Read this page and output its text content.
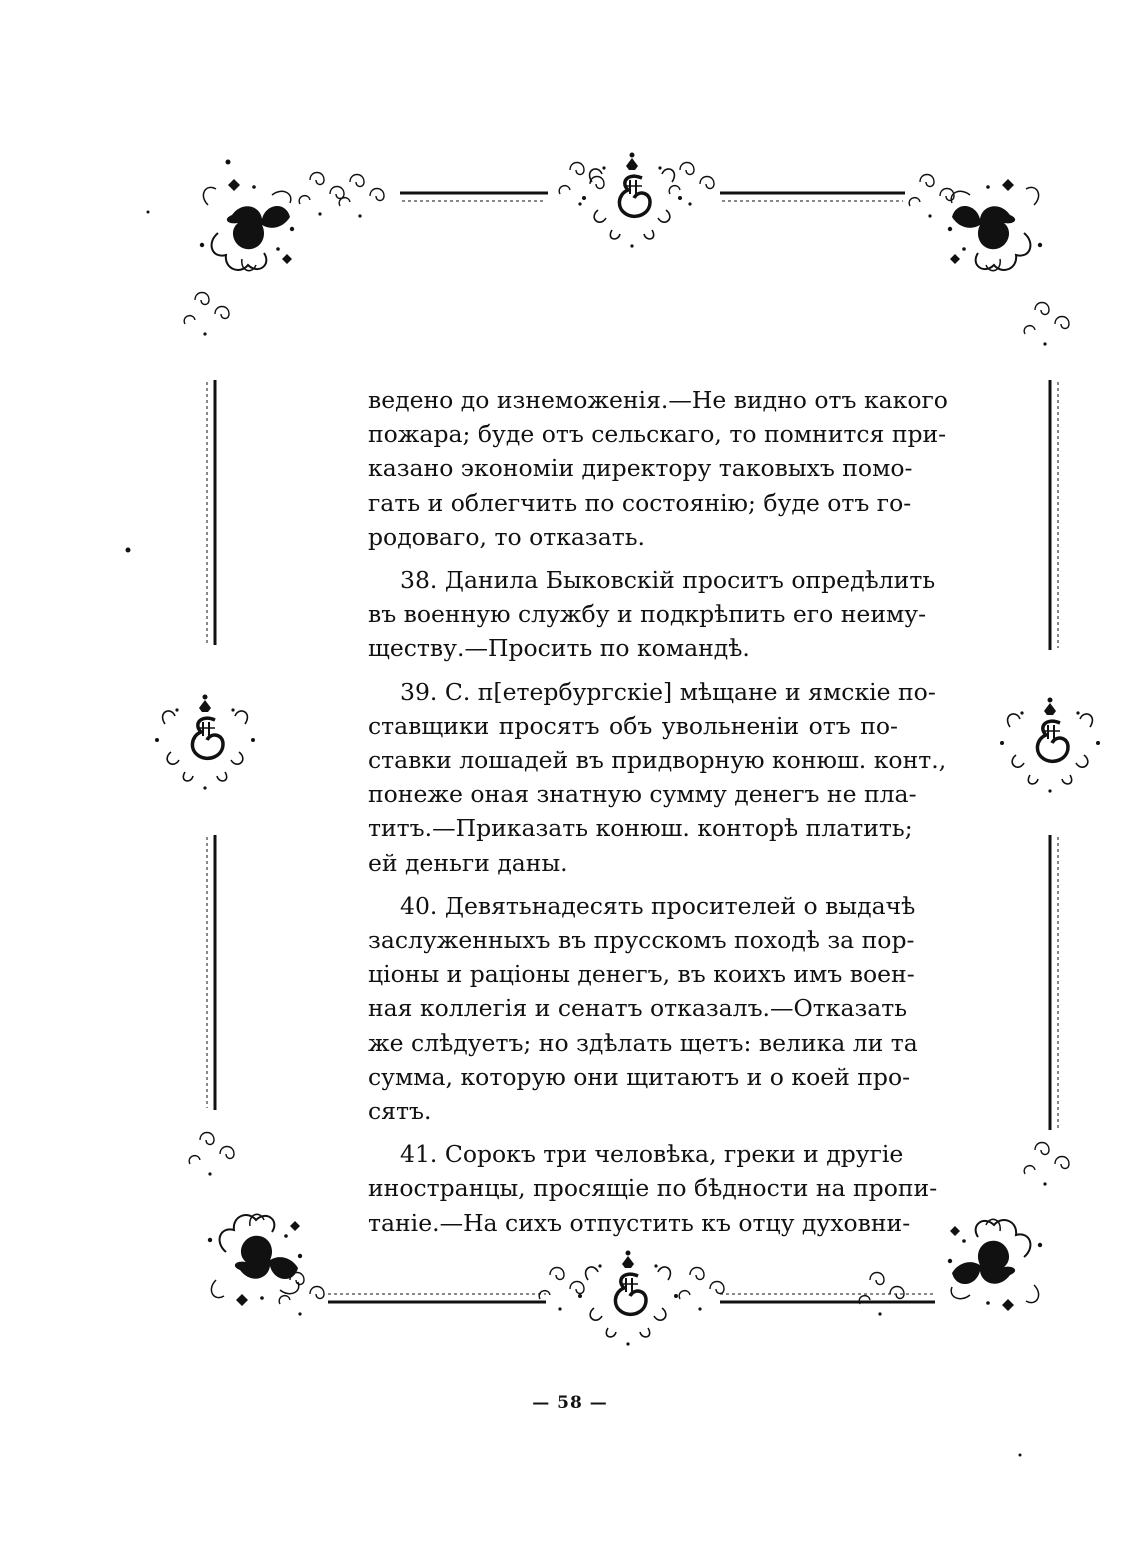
ведено до изнеможенія.—Не видно отъ какого
пожара; буде отъ сельскаго, то помнится при-
казано экономіи директору таковыхъ помо-
гать и облегчить по состоянію; буде отъ го-
родоваго, то отказать.
38. Данила Быковскій проситъ опредѣлить
въ военную службу и подкрѣпить его неиму-
ществу.—Просить по командѣ.
39. С. п[етербургскіе] мѣщане и ямскіе по-
ставщики просятъ объ увольненіи отъ по-
ставки лошадей въ придворную конюш. конт.,
понеже оная знатную сумму денегъ не пла-
титъ.—Приказать конюш. конторѣ платить;
ей деньги даны.
40. Девятьнадесять просителей о выдачѣ
заслуженныхъ въ прусскомъ походѣ за пор-
ціоны и раціоны денегъ, въ коихъ имъ воен-
ная коллегія и сенатъ отказалъ.—Отказать
же слѣдуетъ; но здѣлать щетъ: велика ли та
сумма, которую они щитаютъ и о коей про-
сятъ.
41. Сорокъ три человѣка, греки и другіе
иностранцы, просящіе по бѣдности на пропи-
таніе.—На сихъ отпустить къ отцу духовни-
— 58 —
